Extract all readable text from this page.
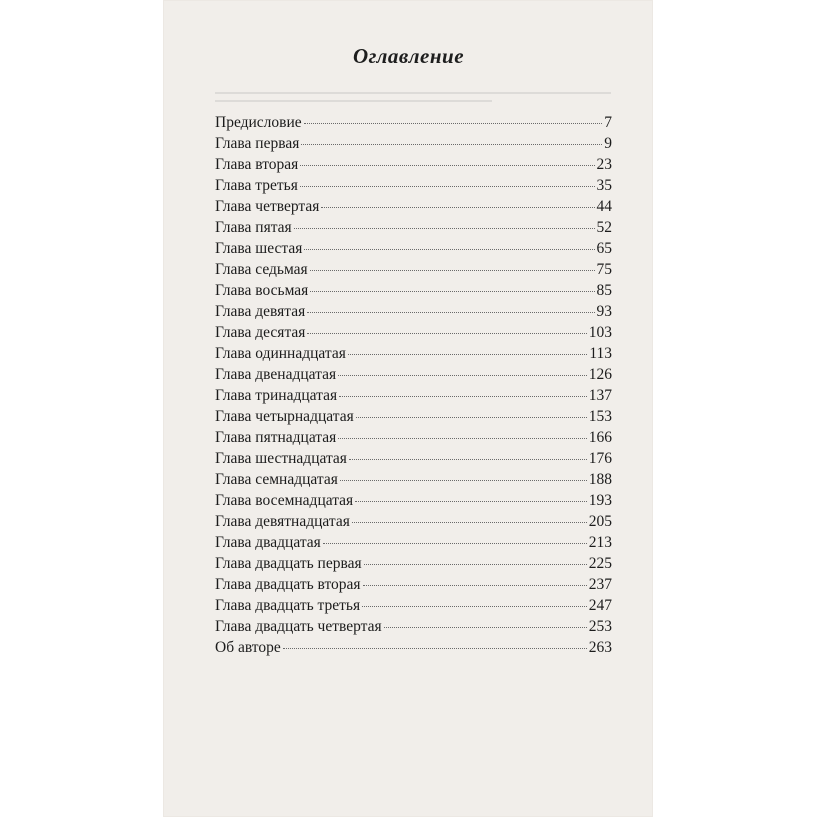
Оглавление
Предисловие	7
Глава первая	9
Глава вторая	23
Глава третья	35
Глава четвертая	44
Глава пятая	52
Глава шестая	65
Глава седьмая	75
Глава восьмая	85
Глава девятая	93
Глава десятая	103
Глава одиннадцатая	113
Глава двенадцатая	126
Глава тринадцатая	137
Глава четырнадцатая	153
Глава пятнадцатая	166
Глава шестнадцатая	176
Глава семнадцатая	188
Глава восемнадцатая	193
Глава девятнадцатая	205
Глава двадцатая	213
Глава двадцать первая	225
Глава двадцать вторая	237
Глава двадцать третья	247
Глава двадцать четвертая	253
Об авторе	263
